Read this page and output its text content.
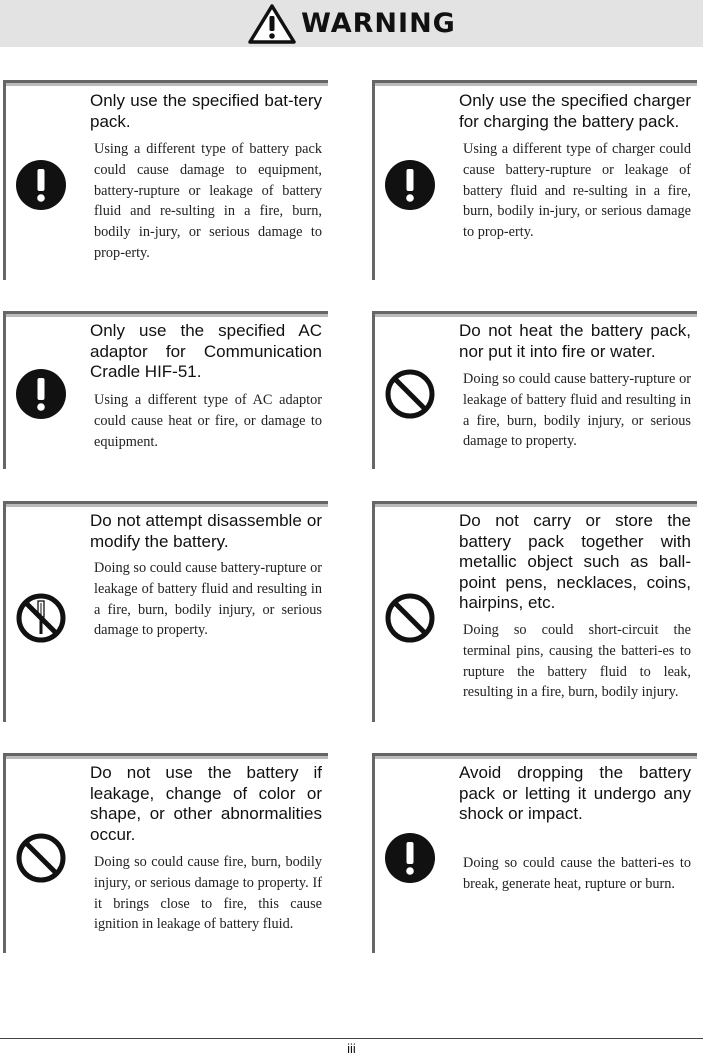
WARNING
Only use the specified bat-tery pack.
Using a different type of battery pack could cause damage to equipment, battery-rupture or leakage of battery fluid and re-sulting in a fire, burn, bodily in-jury, or serious damage to prop-erty.
Only use the specified charger for charging the battery pack.
Using a different type of charger could cause battery-rupture or leakage of battery fluid and re-sulting in a fire, burn, bodily in-jury, or serious damage to prop-erty.
Only use the specified AC adaptor for Communication Cradle HIF-51.
Using a different type of AC adaptor could cause heat or fire, or damage to equipment.
Do not heat the battery pack, nor put it into fire or water.
Doing so could cause battery-rupture or leakage of battery fluid and resulting in a fire, burn, bodily injury, or serious damage to property.
Do not attempt disassemble or modify the battery.
Doing so could cause battery-rupture or leakage of battery fluid and resulting in a fire, burn, bodily injury, or serious damage to property.
Do not carry or store the battery pack together with metallic object such as ball-point pens, necklaces, coins, hairpins, etc.
Doing so could short-circuit the terminal pins, causing the batteri-es to rupture the battery fluid to leak, resulting in a fire, burn, bodily injury.
Do not use the battery if leakage, change of color or shape, or other abnormalities occur.
Doing so could cause fire, burn, bodily injury, or serious damage to property. If it brings close to fire, this cause ignition in leakage of battery fluid.
Avoid dropping the battery pack or letting it undergo any shock or impact.
Doing so could cause the batteri-es to break, generate heat, rupture or burn.
iii
